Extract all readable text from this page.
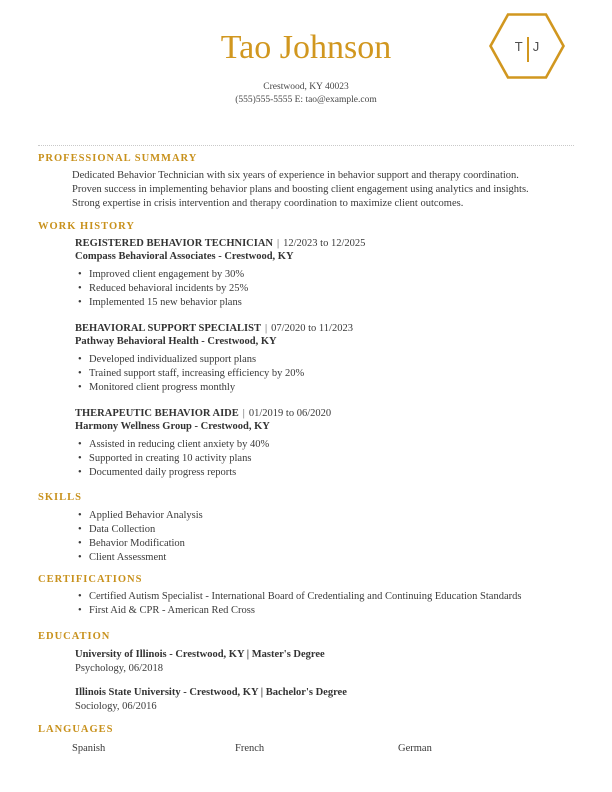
Tao Johnson
Crestwood, KY 40023
(555)555-5555 E: tao@example.com
T J
PROFESSIONAL SUMMARY

Dedicated Behavior Technician with six years of experience in behavior support and therapy coordination. Proven success in implementing behavior plans and boosting client engagement using analytics and insights. Strong expertise in crisis intervention and therapy coordination to maximize client outcomes.

WORK HISTORY
REGISTERED BEHAVIOR TECHNICIAN | 12/2023 to 12/2025
Compass Behavioral Associates - Crestwood, KY
• Improved client engagement by 30%
• Reduced behavioral incidents by 25%
• Implemented 15 new behavior plans
BEHAVIORAL SUPPORT SPECIALIST | 07/2020 to 11/2023
Pathway Behavioral Health - Crestwood, KY
• Developed individualized support plans
• Trained support staff, increasing efficiency by 20%
• Monitored client progress monthly
THERAPEUTIC BEHAVIOR AIDE | 01/2019 to 06/2020
Harmony Wellness Group - Crestwood, KY
• Assisted in reducing client anxiety by 40%
• Supported in creating 10 activity plans
• Documented daily progress reports
SKILLS
• Applied Behavior Analysis
• Data Collection
• Behavior Modification
• Client Assessment
CERTIFICATIONS
• Certified Autism Specialist - International Board of Credentialing and Continuing Education Standards
• First Aid & CPR - American Red Cross
EDUCATION
University of Illinois - Crestwood, KY | Master's Degree
Psychology, 06/2018
Illinois State University - Crestwood, KY | Bachelor's Degree
Sociology, 06/2016
LANGUAGES
Spanish	French	German
